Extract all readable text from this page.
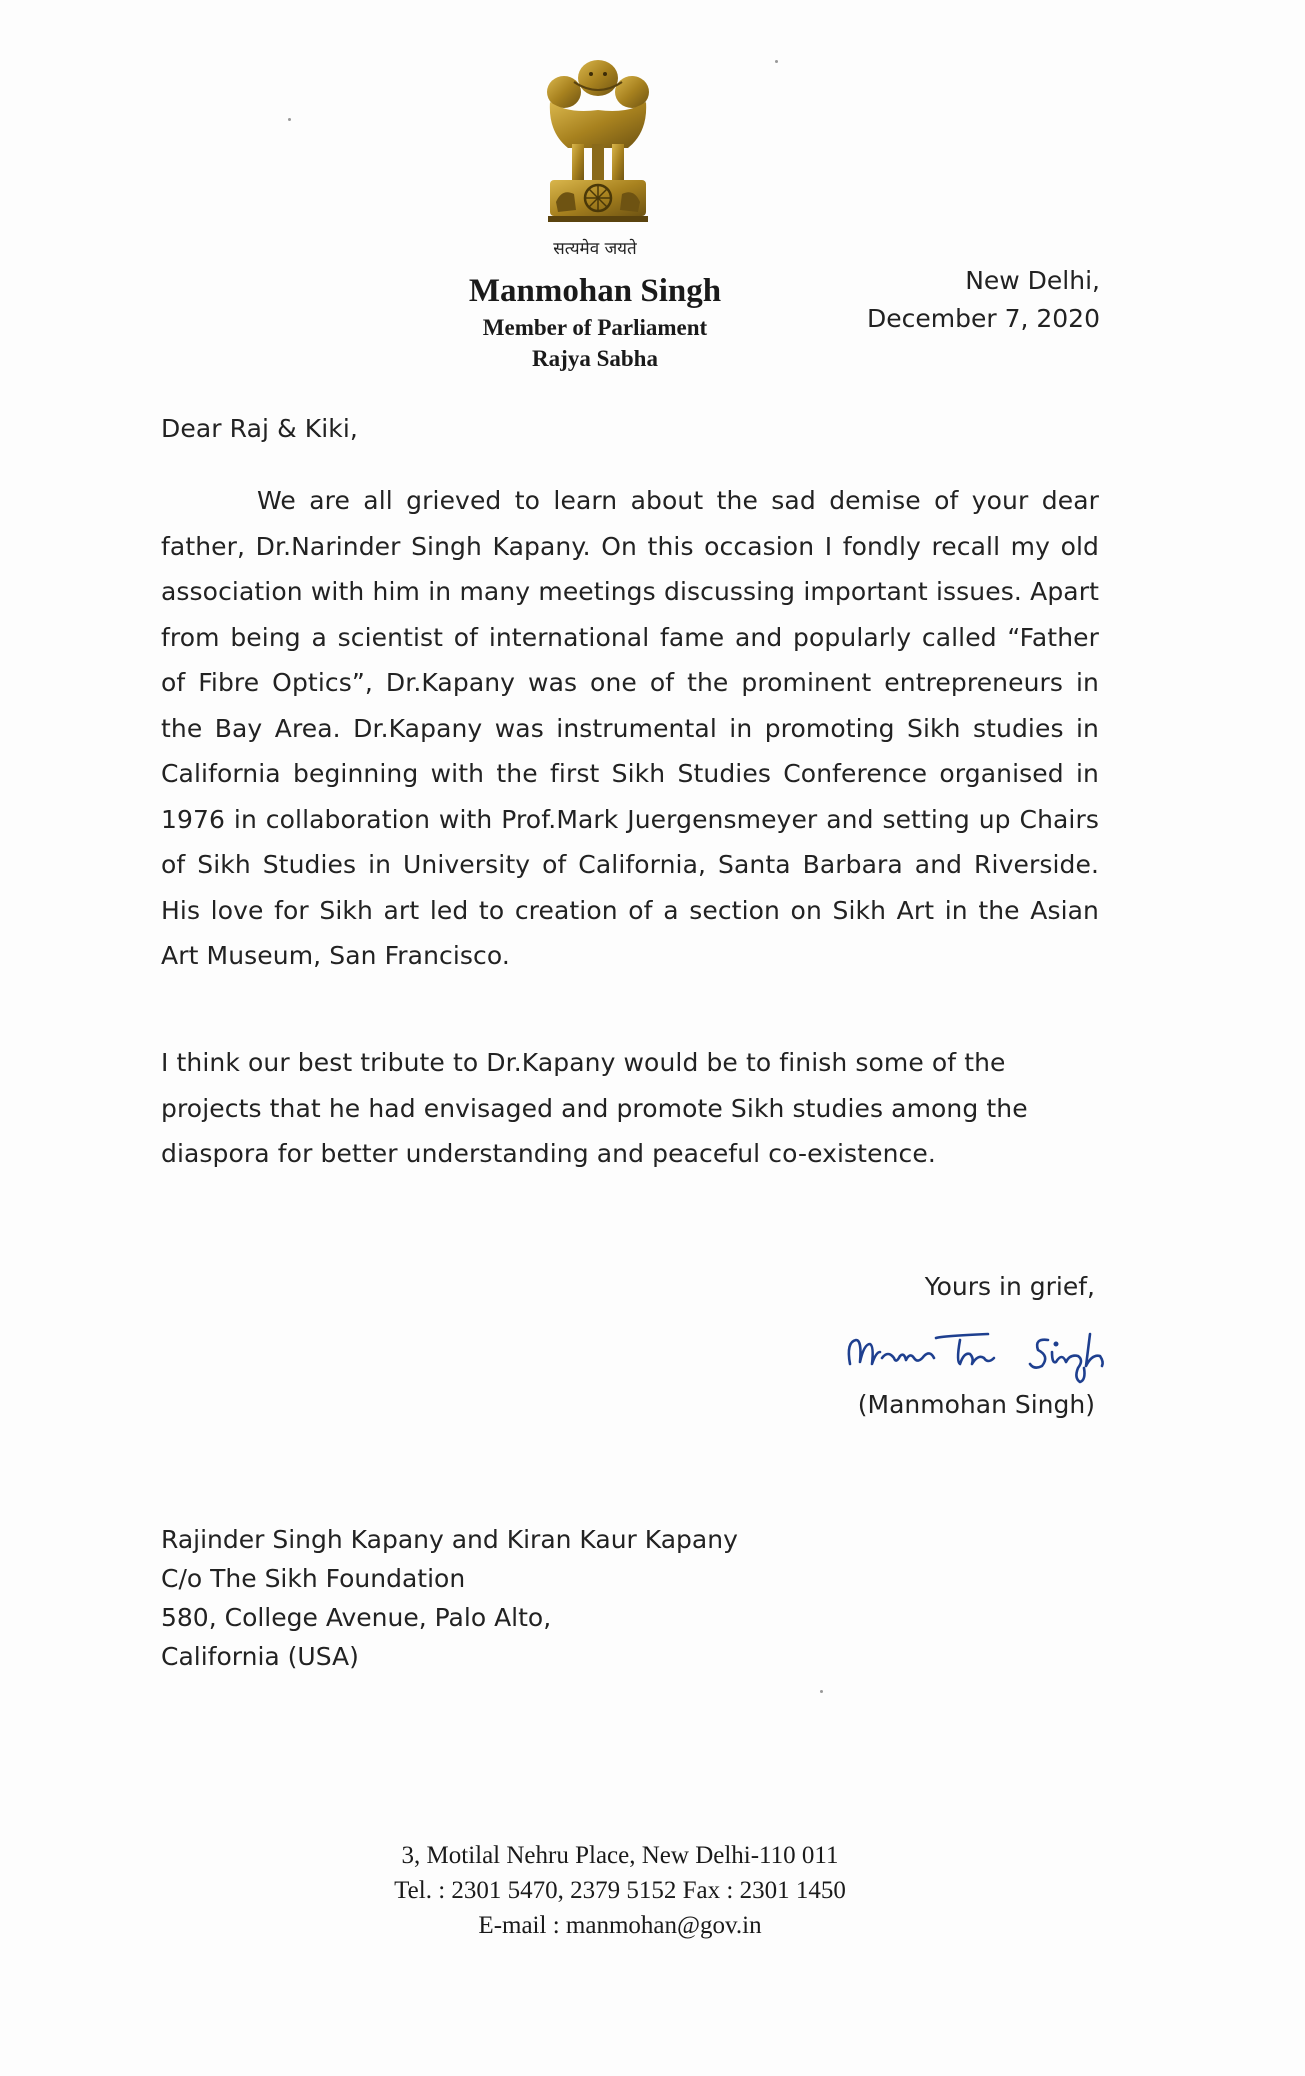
सत्यमेव जयते
Manmohan Singh
Member of Parliament
Rajya Sabha
New Delhi,
December 7, 2020
Dear Raj & Kiki,
We are all grieved to learn about the sad demise of your dear father, Dr.Narinder Singh Kapany. On this occasion I fondly recall my old association with him in many meetings discussing important issues. Apart from being a scientist of international fame and popularly called “Father of Fibre Optics”, Dr.Kapany was one of the prominent entrepreneurs in the Bay Area. Dr.Kapany was instrumental in promoting Sikh studies in California beginning with the first Sikh Studies Conference organised in 1976 in collaboration with Prof.Mark Juergensmeyer and setting up Chairs of Sikh Studies in University of California, Santa Barbara and Riverside. His love for Sikh art led to creation of a section on Sikh Art in the Asian Art Museum, San Francisco.
I think our best tribute to Dr.Kapany would be to finish some of the projects that he had envisaged and promote Sikh studies among the diaspora for better understanding and peaceful co-existence.
Yours in grief,
(Manmohan Singh)
Rajinder Singh Kapany and Kiran Kaur Kapany
C/o The Sikh Foundation
580, College Avenue, Palo Alto,
California (USA)
3, Motilal Nehru Place, New Delhi-110 011
Tel. : 2301 5470, 2379 5152 Fax : 2301 1450
E-mail : manmohan@gov.in
